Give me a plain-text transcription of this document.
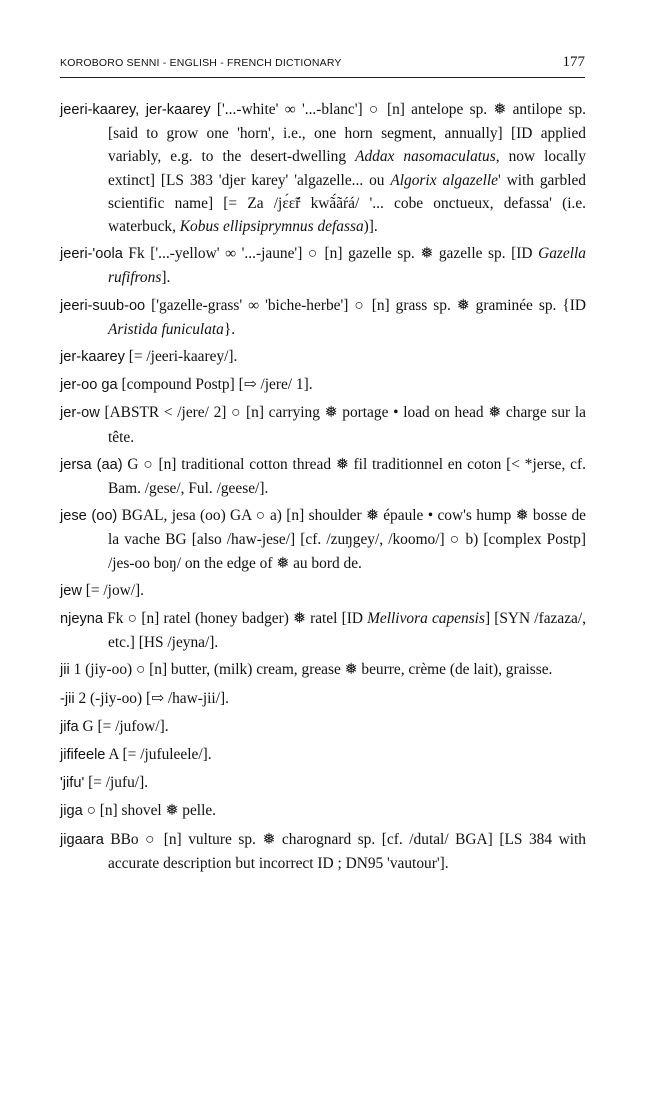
KOROBORO SENNI - ENGLISH - FRENCH DICTIONARY	177

jeeri-kaarey, jer-kaarey ['...-white' ∞ '...-blanc'] ○ [n] antelope sp. ❅ antilope sp. [said to grow one 'horn', i.e., one horn segment, annually] [ID applied variably, e.g. to the desert-dwelling Addax nasomaculatus, now locally extinct] [LS 383 'djer karey' 'algazelle... ou Algorix algazelle' with garbled scientific name] [= Za /jɛ́ɛ̃ŕ kwã́ãŕá/ '... cobe onctueux, defassa' (i.e. waterbuck, Kobus ellipsiprymnus defassa)].

jeeri-'oola Fk ['...-yellow' ∞ '...-jaune'] ○ [n] gazelle sp. ❅ gazelle sp. [ID Gazella rufifrons].

jeeri-suub-oo ['gazelle-grass' ∞ 'biche-herbe'] ○ [n] grass sp. ❅ graminée sp. {ID Aristida funiculata}.

jer-kaarey [= /jeeri-kaarey/].

jer-oo ga [compound Postp] [⇨ /jere/ 1].

jer-ow [ABSTR < /jere/ 2] ○ [n] carrying ❅ portage • load on head ❅ charge sur la tête.

jersa (aa) G ○ [n] traditional cotton thread ❅ fil traditionnel en coton [< *jerse, cf. Bam. /gese/, Ful. /geese/].

jese (oo) BGAL, jesa (oo) GA ○ a) [n] shoulder ❅ épaule • cow's hump ❅ bosse de la vache BG [also /haw-jese/] [cf. /zuŋgey/, /koomo/] ○ b) [complex Postp] /jes-oo boŋ/ on the edge of ❅ au bord de.

jew [= /jow/].

njeyna Fk ○ [n] ratel (honey badger) ❅ ratel [ID Mellivora capensis] [SYN /fazaza/, etc.] [HS /jeyna/].

jii 1 (jiy-oo) ○ [n] butter, (milk) cream, grease ❅ beurre, crème (de lait), graisse.

-jii 2 (-jiy-oo) [⇨ /haw-jii/].

jifa G [= /jufow/].

jififeele A [= /jufuleele/].

'jifu' [= /jufu/].

jiga ○ [n] shovel ❅ pelle.

jigaara BBo ○ [n] vulture sp. ❅ charognard sp. [cf. /dutal/ BGA] [LS 384 with accurate description but incorrect ID ; DN95 'vautour'].
